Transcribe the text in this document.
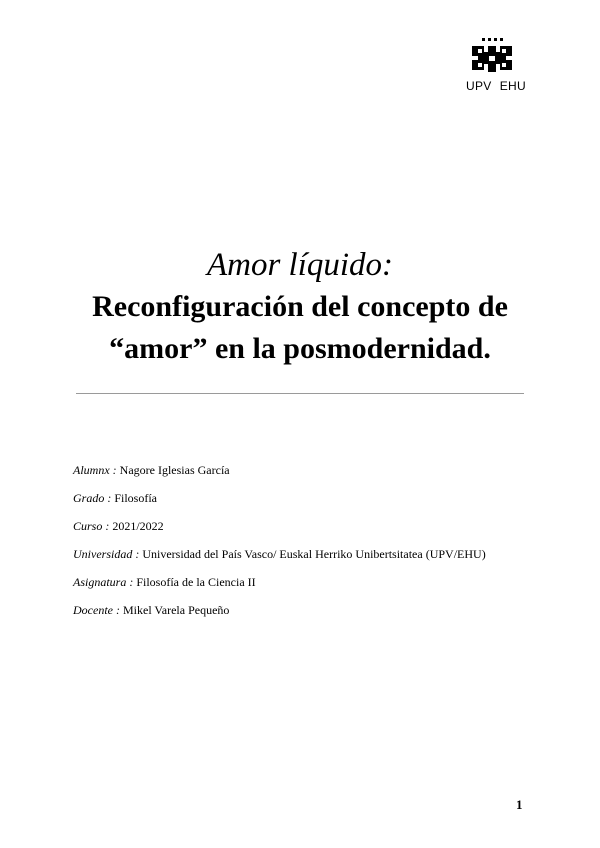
UPV EHU
Amor líquido:
Reconfiguración del concepto de
“amor” en la posmodernidad.
Alumnx : Nagore Iglesias García
Grado : Filosofía
Curso : 2021/2022
Universidad : Universidad del País Vasco/ Euskal Herriko Unibertsitatea (UPV/EHU)
Asignatura : Filosofía de la Ciencia II
Docente : Mikel Varela Pequeño
1
